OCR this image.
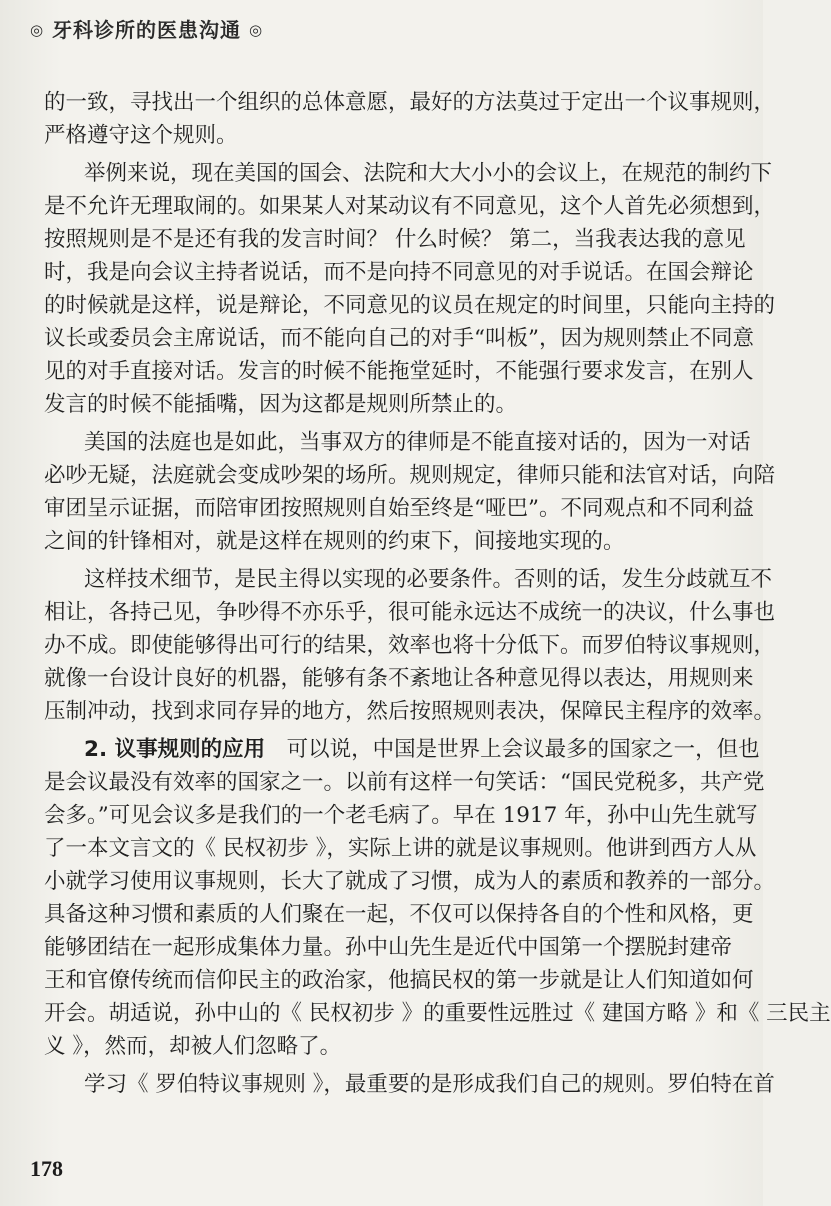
◎ 牙科诊所的医患沟通 ◎
的一致，寻找出一个组织的总体意愿，最好的方法莫过于定出一个议事规则，
严格遵守这个规则。
举例来说，现在美国的国会、法院和大大小小的会议上，在规范的制约下
是不允许无理取闹的。如果某人对某动议有不同意见，这个人首先必须想到，
按照规则是不是还有我的发言时间？ 什么时候？ 第二，当我表达我的意见
时，我是向会议主持者说话，而不是向持不同意见的对手说话。在国会辩论
的时候就是这样，说是辩论，不同意见的议员在规定的时间里，只能向主持的
议长或委员会主席说话，而不能向自己的对手“叫板”，因为规则禁止不同意
见的对手直接对话。发言的时候不能拖堂延时，不能强行要求发言，在别人
发言的时候不能插嘴，因为这都是规则所禁止的。
美国的法庭也是如此，当事双方的律师是不能直接对话的，因为一对话
必吵无疑，法庭就会变成吵架的场所。规则规定，律师只能和法官对话，向陪
审团呈示证据，而陪审团按照规则自始至终是“哑巴”。不同观点和不同利益
之间的针锋相对，就是这样在规则的约束下，间接地实现的。
这样技术细节，是民主得以实现的必要条件。否则的话，发生分歧就互不
相让，各持己见，争吵得不亦乐乎，很可能永远达不成统一的决议，什么事也
办不成。即使能够得出可行的结果，效率也将十分低下。而罗伯特议事规则，
就像一台设计良好的机器，能够有条不紊地让各种意见得以表达，用规则来
压制冲动，找到求同存异的地方，然后按照规则表决，保障民主程序的效率。
2. 议事规则的应用　 可以说，中国是世界上会议最多的国家之一，但也
是会议最没有效率的国家之一。以前有这样一句笑话：“国民党税多，共产党
会多。”可见会议多是我们的一个老毛病了。早在 1917 年，孙中山先生就写
了一本文言文的《 民权初步 》，实际上讲的就是议事规则。他讲到西方人从
小就学习使用议事规则，长大了就成了习惯，成为人的素质和教养的一部分。
具备这种习惯和素质的人们聚在一起，不仅可以保持各自的个性和风格，更
能够团结在一起形成集体力量。孙中山先生是近代中国第一个摆脱封建帝
王和官僚传统而信仰民主的政治家，他搞民权的第一步就是让人们知道如何
开会。胡适说，孙中山的《 民权初步 》的重要性远胜过《 建国方略 》和《 三民主
义 》，然而，却被人们忽略了。
学习《 罗伯特议事规则 》，最重要的是形成我们自己的规则。罗伯特在首
178
